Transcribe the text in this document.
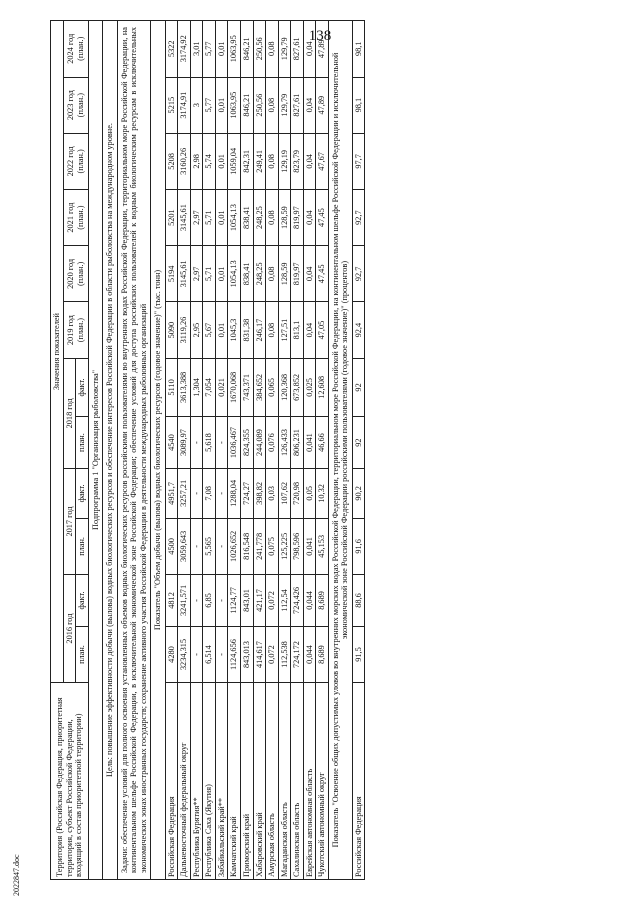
138
2022847.doc	Территория (Российская Федерация, приоритетная территория, субъект Российской Федерации, входящий в состав приоритетной территории)	Значения показателей											
	2016 год		2017 год		2018 год		2019 год (план.)	2020 год (план.)	2021 год (план.)	2022 год (план.)	2023 год (план.)	2024 год (план.)
	план.	факт.	план.	факт.	план.	факт.						
Подпрограмма 1 "Организация рыболовства"												
Цель: повышение эффективности добычи (вылова) водных биологических ресурсов и обеспечение интересов Российской Федерации в области рыболовства на международном уровне.												
Задачи: обеспечение условий для полного освоения установленных объемов водных биологических ресурсов российскими пользователями во внутренних водах Российской Федерации, территориальном море Российской Федерации, на континентальном шельфе Российской Федерации, в исключительной экономической зоне Российской Федерации; обеспечение условий для доступа российских пользователей к водным биологическим ресурсам в исключительных экономических зонах иностранных государств; сохранение активного участия Российской Федерации в деятельности международных рыболовных организаций												
Показатель "Объем добычи (вылова) водных биологических ресурсов (годовое значение)" (тыс. тонн)												
Российская Федерация	4280	4812	4500	4951,7	4540	5110	5090	5194	5201	5208	5215	5322
Дальневосточный федеральный округ	3234,315	3241,571	3059,643	3257,21	3089,97	3613,388	3119,26	3145,61	3145,61	3160,26	3174,91	3174,92
Республика Бурятия**	-	-	-	-	-	1,304	2,95	2,97	2,97	2,98	3	3,01
Республика Саха (Якутия)	6,514	6,85	5,565	7,08	5,618	7,054	5,67	5,71	5,71	5,74	5,77	5,77
Забайкальский край**	-	-	-	-	-	0,021	0,01	0,01	0,01	0,01	0,01	0,01
Камчатский край	1124,656	1124,77	1026,652	1288,04	1036,467	1670,068	1045,3	1054,13	1054,13	1059,04	1063,95	1063,95
Приморский край	843,013	843,01	816,548	724,27	824,355	743,371	831,38	838,41	838,41	842,31	846,21	846,21
Хабаровский край	414,617	421,17	241,778	398,82	244,089	384,652	246,17	248,25	248,25	249,41	250,56	250,56
Амурская область	0,072	0,072	0,075	0,03	0,076	0,065	0,08	0,08	0,08	0,08	0,08	0,08
Магаданская область	112,538	112,54	125,225	107,62	126,433	120,368	127,51	128,59	128,59	129,19	129,79	129,79
Сахалинская область	724,172	724,426	798,596	720,98	806,231	673,852	813,1	819,97	819,97	823,79	827,61	827,61
Еврейская автономная область	0,044	0,044	0,041	0,05	0,041	0,025	0,04	0,04	0,04	0,04	0,04	0,04
Чукотский автономный округ	8,689	8,689	45,153	10,32	46,66	12,608	47,05	47,45	47,45	47,67	47,89	47,89
Показатель "Освоение общих допустимых уловов во внутренних морских водах Российской Федерации, территориальном море Российской Федерации, на континентальном шельфе Российской Федерации и исключительной экономической зоне Российской Федерации российскими пользователями (годовое значение)" (процентов)												
Российская Федерация	91,5	88,6	91,6	90,2	92	92	92,4	92,7	92,7	97,7	98,1	98,1
